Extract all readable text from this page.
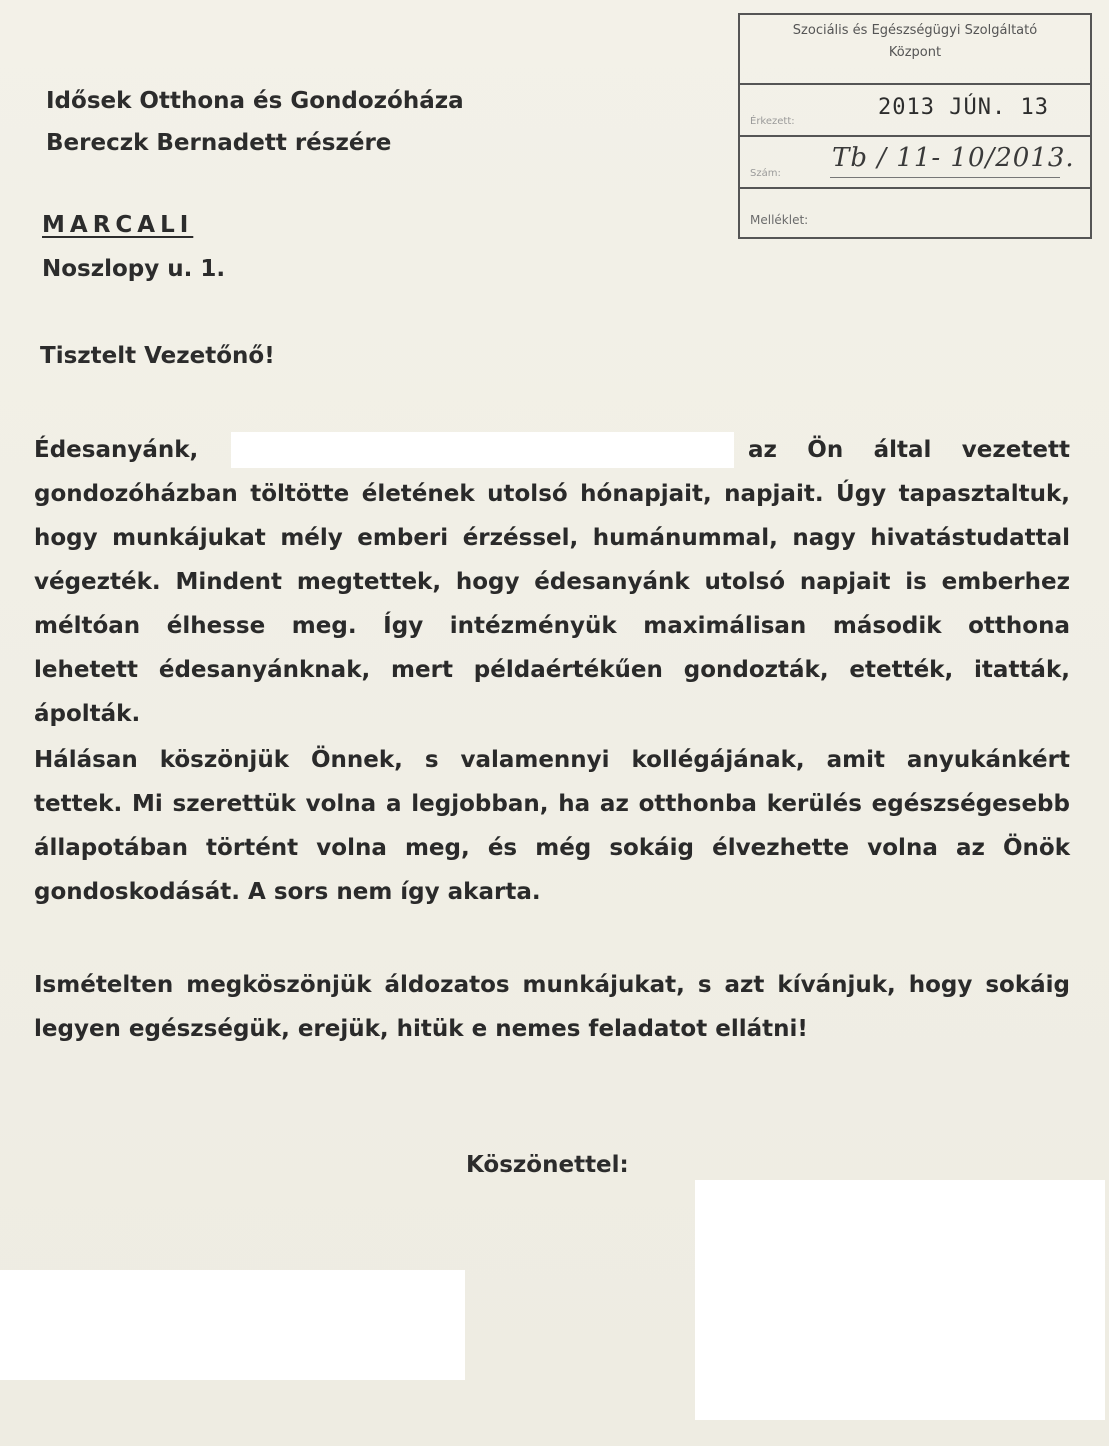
Idősek Otthona és Gondozóháza
Bereczk Bernadett részére
MARCALI
Noszlopy u. 1.
Szociális és Egészségügyi Szolgáltató
Központ
Érkezett:
2013 JÚN. 13
Szám:
Tb / 11- 10/2013.
Melléklet:
Tisztelt Vezetőnő!
Édesanyánk,	az Ön által vezetett
gondozóházban töltötte életének utolsó hónapjait, napjait. Úgy tapasztaltuk,
hogy munkájukat mély emberi érzéssel, humánummal, nagy hivatástudattal
végezték. Mindent megtettek, hogy édesanyánk utolsó napjait is emberhez
méltóan élhesse meg. Így intézményük maximálisan második otthona
lehetett édesanyánknak, mert példaértékűen gondozták, etették, itatták,
ápolták.
Hálásan köszönjük Önnek, s valamennyi kollégájának, amit anyukánkért
tettek. Mi szerettük volna a legjobban, ha az otthonba kerülés egészségesebb
állapotában történt volna meg, és még sokáig élvezhette volna az Önök
gondoskodását. A sors nem így akarta.
Ismételten megköszönjük áldozatos munkájukat, s azt kívánjuk, hogy sokáig
legyen egészségük, erejük, hitük e nemes feladatot ellátni!
Köszönettel:
